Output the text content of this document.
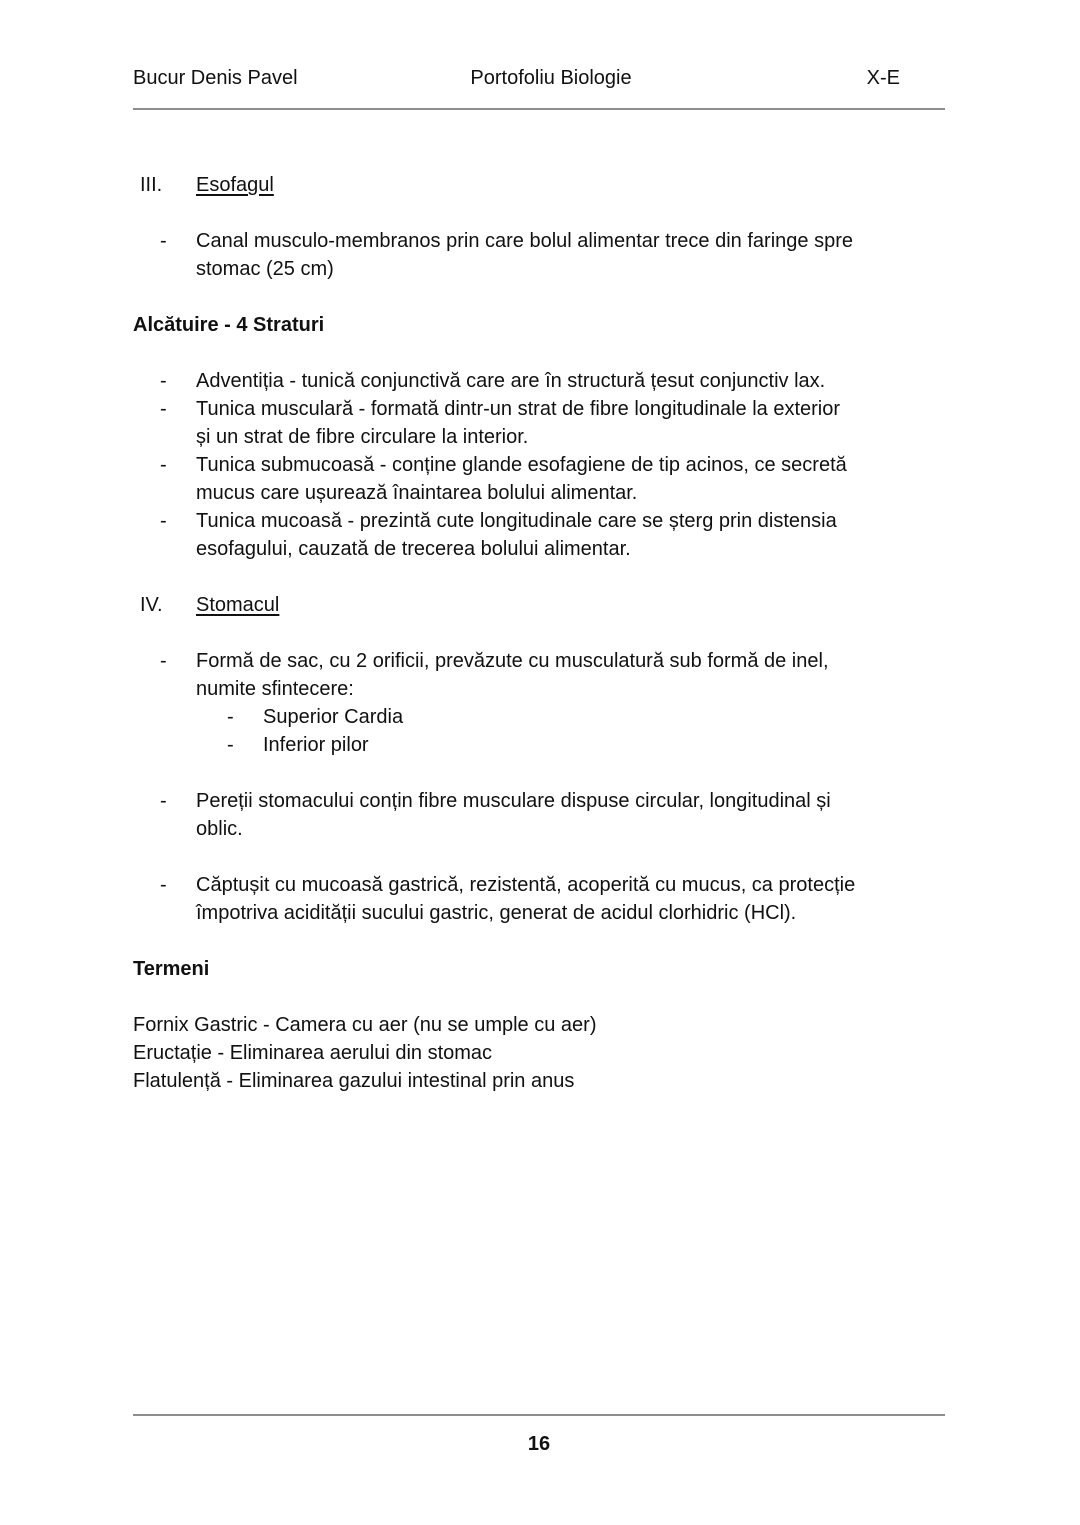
Bucur Denis Pavel	Portofoliu Biologie	X-E
III.	Esofagul
-	Canal musculo-membranos prin care bolul alimentar trece din faringe spre
stomac (25 cm)
Alcătuire - 4 Straturi
-	Adventiția - tunică conjunctivă care are în structură țesut conjunctiv lax.
-	Tunica musculară - formată dintr-un strat de fibre longitudinale la exterior
și un strat de fibre circulare la interior.
-	Tunica submucoasă - conține glande esofagiene de tip acinos, ce secretă
mucus care ușurează înaintarea bolului alimentar.
-	Tunica mucoasă - prezintă cute longitudinale care se șterg prin distensia
esofagului, cauzată de trecerea bolului alimentar.
IV.	Stomacul
-	Formă de sac, cu 2 orificii, prevăzute cu musculatură sub formă de inel,
numite sfintecere:
-	Superior Cardia
-	Inferior pilor
-	Pereții stomacului conțin fibre musculare dispuse circular, longitudinal și
oblic.
-	Căptușit cu mucoasă gastrică, rezistentă, acoperită cu mucus, ca protecție
împotriva acidității sucului gastric, generat de acidul clorhidric (HCl).
Termeni
Fornix Gastric - Camera cu aer (nu se umple cu aer)
Eructație - Eliminarea aerului din stomac
Flatulență - Eliminarea gazului intestinal prin anus
16
